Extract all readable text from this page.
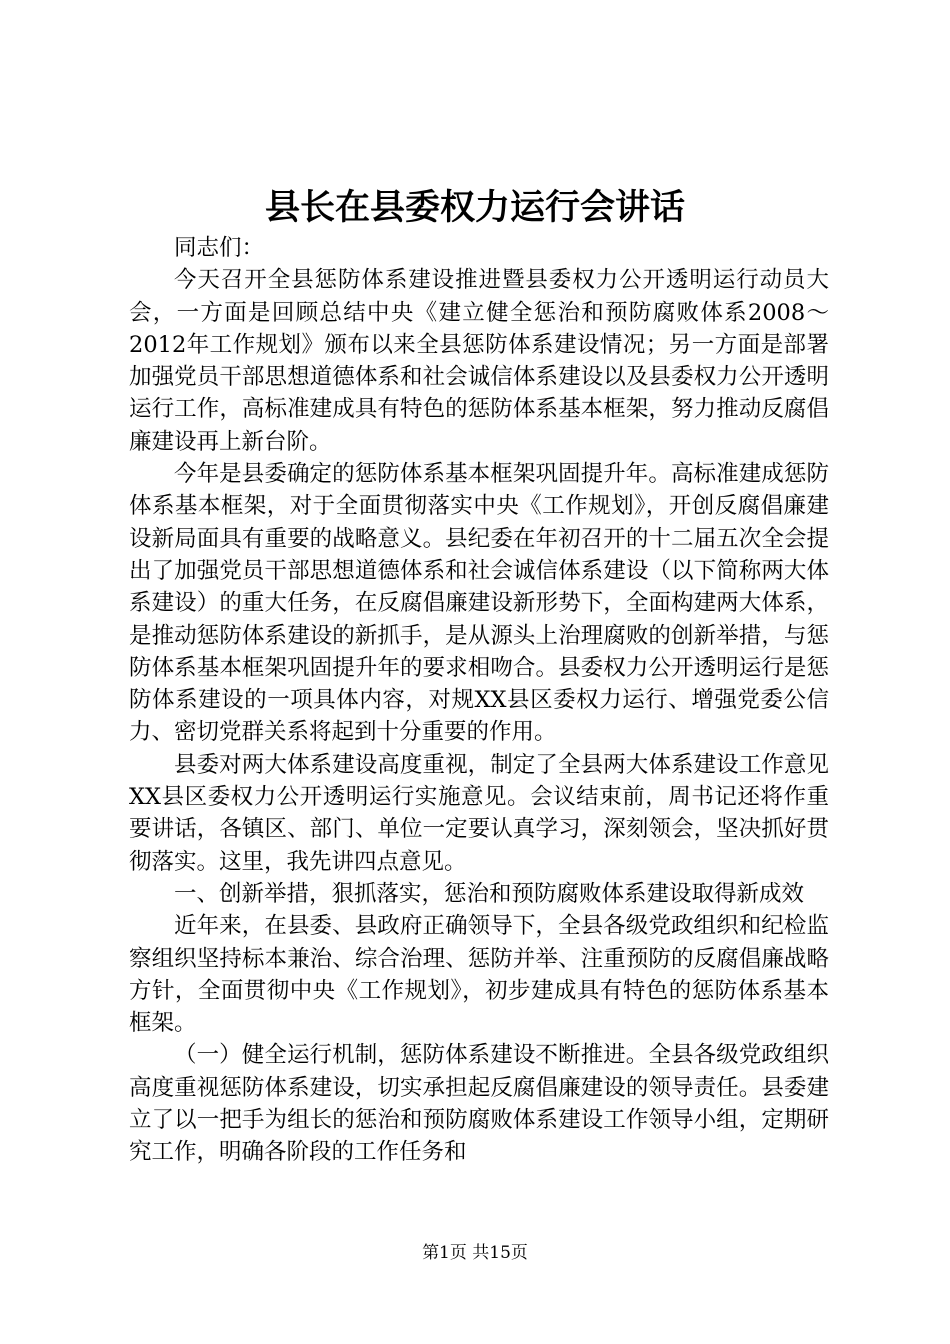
县长在县委权力运行会讲话

同志们：

今天召开全县惩防体系建设推进暨县委权力公开透明运行动员大会，一方面是回顾总结中央《建立健全惩治和预防腐败体系2008～2012年工作规划》颁布以来全县惩防体系建设情况；另一方面是部署加强党员干部思想道德体系和社会诚信体系建设以及县委权力公开透明运行工作，高标准建成具有特色的惩防体系基本框架，努力推动反腐倡廉建设再上新台阶。

今年是县委确定的惩防体系基本框架巩固提升年。高标准建成惩防体系基本框架，对于全面贯彻落实中央《工作规划》，开创反腐倡廉建设新局面具有重要的战略意义。县纪委在年初召开的十二届五次全会提出了加强党员干部思想道德体系和社会诚信体系建设（以下简称两大体系建设）的重大任务，在反腐倡廉建设新形势下，全面构建两大体系，是推动惩防体系建设的新抓手，是从源头上治理腐败的创新举措，与惩防体系基本框架巩固提升年的要求相吻合。县委权力公开透明运行是惩防体系建设的一项具体内容，对规XX县区委权力运行、增强党委公信力、密切党群关系将起到十分重要的作用。

县委对两大体系建设高度重视，制定了全县两大体系建设工作意见XX县区委权力公开透明运行实施意见。会议结束前，周书记还将作重要讲话，各镇区、部门、单位一定要认真学习，深刻领会，坚决抓好贯彻落实。这里，我先讲四点意见。

一、创新举措，狠抓落实，惩治和预防腐败体系建设取得新成效

近年来，在县委、县政府正确领导下，全县各级党政组织和纪检监察组织坚持标本兼治、综合治理、惩防并举、注重预防的反腐倡廉战略方针，全面贯彻中央《工作规划》，初步建成具有特色的惩防体系基本框架。

（一）健全运行机制，惩防体系建设不断推进。全县各级党政组织高度重视惩防体系建设，切实承担起反腐倡廉建设的领导责任。县委建立了以一把手为组长的惩治和预防腐败体系建设工作领导小组，定期研究工作，明确各阶段的工作任务和

第1页 共15页
